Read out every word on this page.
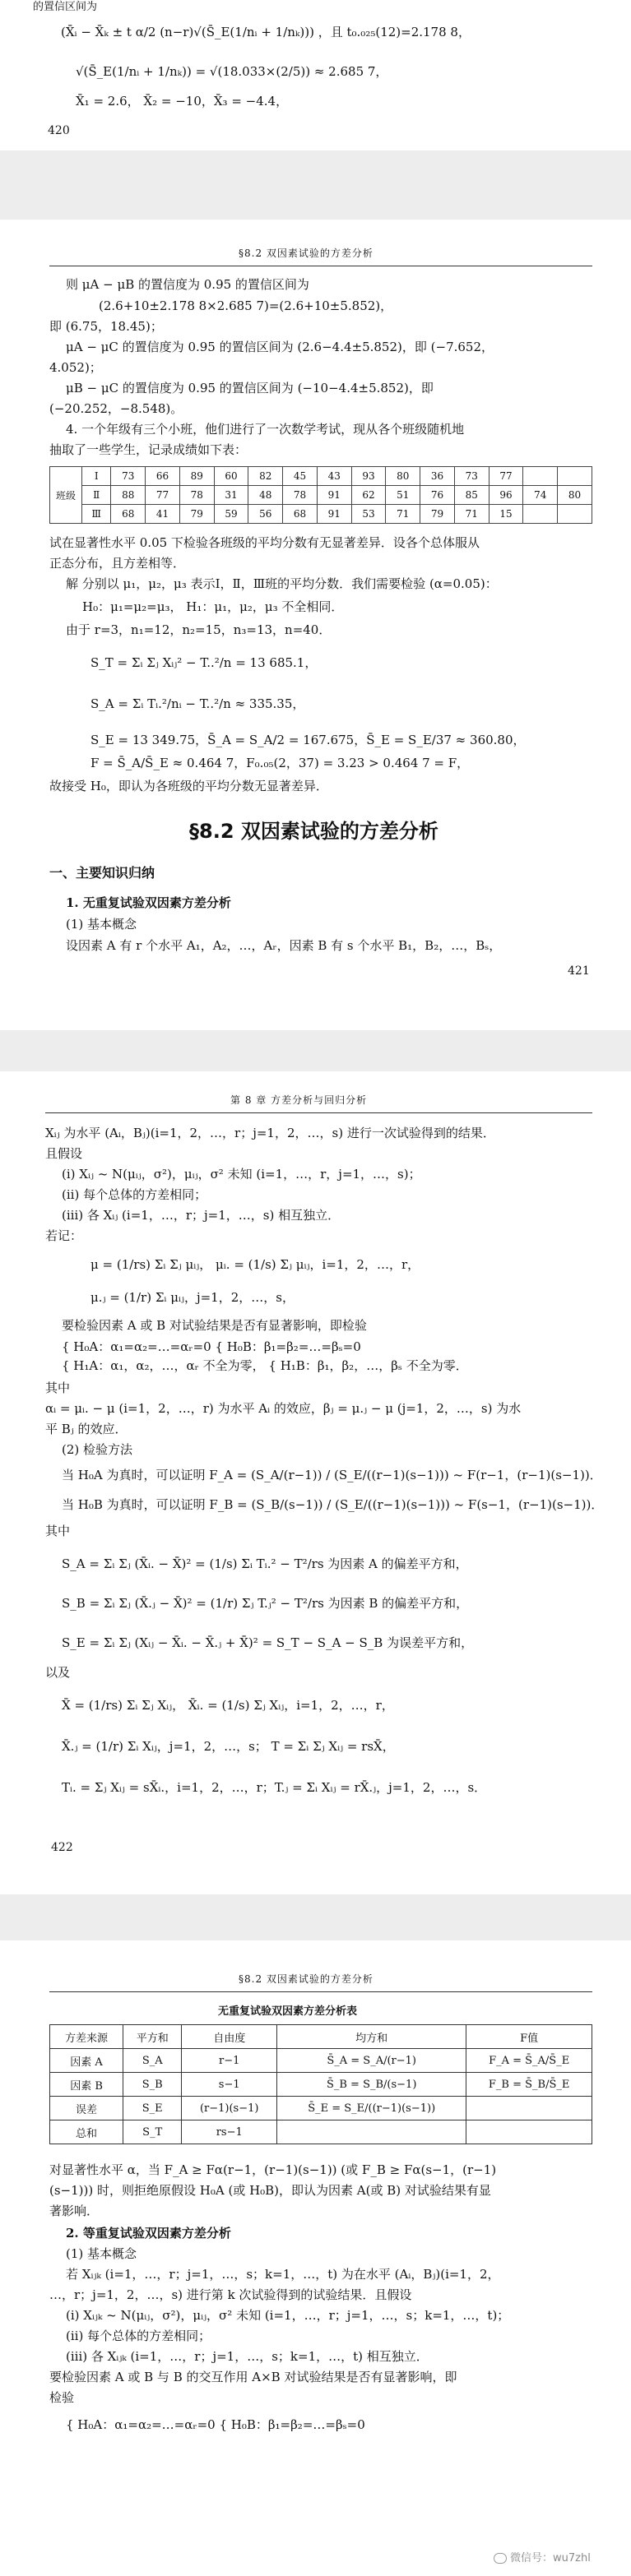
的置信区间为
(X̄ᵢ − X̄ₖ ± t α/2 (n−r)√(S̄_E(1/nᵢ + 1/nₖ))) ，且 t₀.₀₂₅(12)=2.178 8，
√(S̄_E(1/nᵢ + 1/nₖ)) = √(18.033×(2/5)) ≈ 2.685 7，
X̄₁ = 2.6， X̄₂ = −10，X̄₃ = −4.4，
420
§8.2 双因素试验的方差分析
则 μA − μB 的置信度为 0.95 的置信区间为
(2.6+10±2.178 8×2.685 7)=(2.6+10±5.852)，
即 (6.75，18.45)；
μA − μC 的置信度为 0.95 的置信区间为 (2.6−4.4±5.852)，即 (−7.652，
4.052)；
μB − μC 的置信度为 0.95 的置信区间为 (−10−4.4±5.852)，即
(−20.252，−8.548)。
4. 一个年级有三个小班，他们进行了一次数学考试，现从各个班级随机地
抽取了一些学生，记录成绩如下表：
班级	Ⅰ	73	66	89	60	82	45	43	93	80	36	73	77		
	Ⅱ	88	77	78	31	48	78	91	62	51	76	85	96	74	80
	Ⅲ	68	41	79	59	56	68	91	53	71	79	71	15		
试在显著性水平 0.05 下检验各班级的平均分数有无显著差异．设各个总体服从
正态分布，且方差相等．
解 分别以 μ₁，μ₂，μ₃ 表示Ⅰ，Ⅱ，Ⅲ班的平均分数．我们需要检验 (α=0.05)：
H₀：μ₁=μ₂=μ₃， H₁：μ₁，μ₂，μ₃ 不全相同．
由于 r=3，n₁=12，n₂=15，n₃=13，n=40．
S_T = Σᵢ Σⱼ Xᵢⱼ² − T..²/n = 13 685.1，
S_A = Σᵢ Tᵢ.²/nᵢ − T..²/n ≈ 335.35，
S_E = 13 349.75，S̄_A = S_A/2 = 167.675，S̄_E = S_E/37 ≈ 360.80，
F = S̄_A/S̄_E ≈ 0.464 7，F₀.₀₅(2，37) = 3.23 > 0.464 7 = F，
故接受 H₀，即认为各班级的平均分数无显著差异．
§8.2 双因素试验的方差分析
一、主要知识归纳
1. 无重复试验双因素方差分析
(1) 基本概念
设因素 A 有 r 个水平 A₁，A₂，…，Aᵣ，因素 B 有 s 个水平 B₁，B₂，…，Bₛ，
421
第 8 章 方差分析与回归分析
Xᵢⱼ 为水平 (Aᵢ，Bⱼ)(i=1，2，…，r；j=1，2，…，s) 进行一次试验得到的结果．
且假设
(ⅰ) Xᵢⱼ ~ N(μᵢⱼ，σ²)，μᵢⱼ，σ² 未知 (i=1，…，r，j=1，…，s)；
(ⅱ) 每个总体的方差相同；
(ⅲ) 各 Xᵢⱼ (i=1，…，r；j=1，…，s) 相互独立．
若记：
μ = (1/rs) Σᵢ Σⱼ μᵢⱼ， μᵢ. = (1/s) Σⱼ μᵢⱼ，i=1，2，…，r，
μ.ⱼ = (1/r) Σᵢ μᵢⱼ，j=1，2，…，s，
要检验因素 A 或 B 对试验结果是否有显著影响，即检验
{ H₀A：α₁=α₂=…=αᵣ=0 { H₀B：β₁=β₂=…=βₛ=0
{ H₁A：α₁，α₂，…，αᵣ 不全为零， { H₁B：β₁，β₂，…，βₛ 不全为零．
其中
αᵢ = μᵢ. − μ (i=1，2，…，r) 为水平 Aᵢ 的效应，βⱼ = μ.ⱼ − μ (j=1，2，…，s) 为水
平 Bⱼ 的效应．
(2) 检验方法
当 H₀A 为真时，可以证明 F_A = (S_A/(r−1)) / (S_E/((r−1)(s−1))) ~ F(r−1，(r−1)(s−1))．
当 H₀B 为真时，可以证明 F_B = (S_B/(s−1)) / (S_E/((r−1)(s−1))) ~ F(s−1，(r−1)(s−1))．
其中
S_A = Σᵢ Σⱼ (X̄ᵢ. − X̄)² = (1/s) Σᵢ Tᵢ.² − T²/rs 为因素 A 的偏差平方和，
S_B = Σᵢ Σⱼ (X̄.ⱼ − X̄)² = (1/r) Σⱼ T.ⱼ² − T²/rs 为因素 B 的偏差平方和，
S_E = Σᵢ Σⱼ (Xᵢⱼ − X̄ᵢ. − X̄.ⱼ + X̄)² = S_T − S_A − S_B 为误差平方和，
以及
X̄ = (1/rs) Σᵢ Σⱼ Xᵢⱼ， X̄ᵢ. = (1/s) Σⱼ Xᵢⱼ，i=1，2，…，r，
X̄.ⱼ = (1/r) Σᵢ Xᵢⱼ，j=1，2，…，s； T = Σᵢ Σⱼ Xᵢⱼ = rsX̄，
Tᵢ. = Σⱼ Xᵢⱼ = sX̄ᵢ.，i=1，2，…，r；T.ⱼ = Σᵢ Xᵢⱼ = rX̄.ⱼ，j=1，2，…，s．
422
§8.2 双因素试验的方差分析
无重复试验双因素方差分析表
方差来源	平方和	自由度	均方和	F值
因素 A	S_A	r−1	S̄_A = S_A/(r−1)	F_A = S̄_A/S̄_E
因素 B	S_B	s−1	S̄_B = S_B/(s−1)	F_B = S̄_B/S̄_E
误差	S_E	(r−1)(s−1)	S̄_E = S_E/((r−1)(s−1))	
总和	S_T	rs−1		
对显著性水平 α，当 F_A ≥ Fα(r−1，(r−1)(s−1)) (或 F_B ≥ Fα(s−1，(r−1)
(s−1))) 时，则拒绝原假设 H₀A (或 H₀B)，即认为因素 A(或 B) 对试验结果有显
著影响．
2. 等重复试验双因素方差分析
(1) 基本概念
若 Xᵢⱼₖ (i=1，…，r；j=1，…，s；k=1，…，t) 为在水平 (Aᵢ，Bⱼ)(i=1，2，
…，r；j=1，2，…，s) 进行第 k 次试验得到的试验结果．且假设
(ⅰ) Xᵢⱼₖ ~ N(μᵢⱼ，σ²)，μᵢⱼ，σ² 未知 (i=1，…，r；j=1，…，s；k=1，…，t)；
(ⅱ) 每个总体的方差相同；
(ⅲ) 各 Xᵢⱼₖ (i=1，…，r；j=1，…，s；k=1，…，t) 相互独立．
要检验因素 A 或 B 与 B 的交互作用 A×B 对试验结果是否有显著影响，即
检验
{ H₀A：α₁=α₂=…=αᵣ=0 { H₀B：β₁=β₂=…=βₛ=0
微信号：wu7zhl
